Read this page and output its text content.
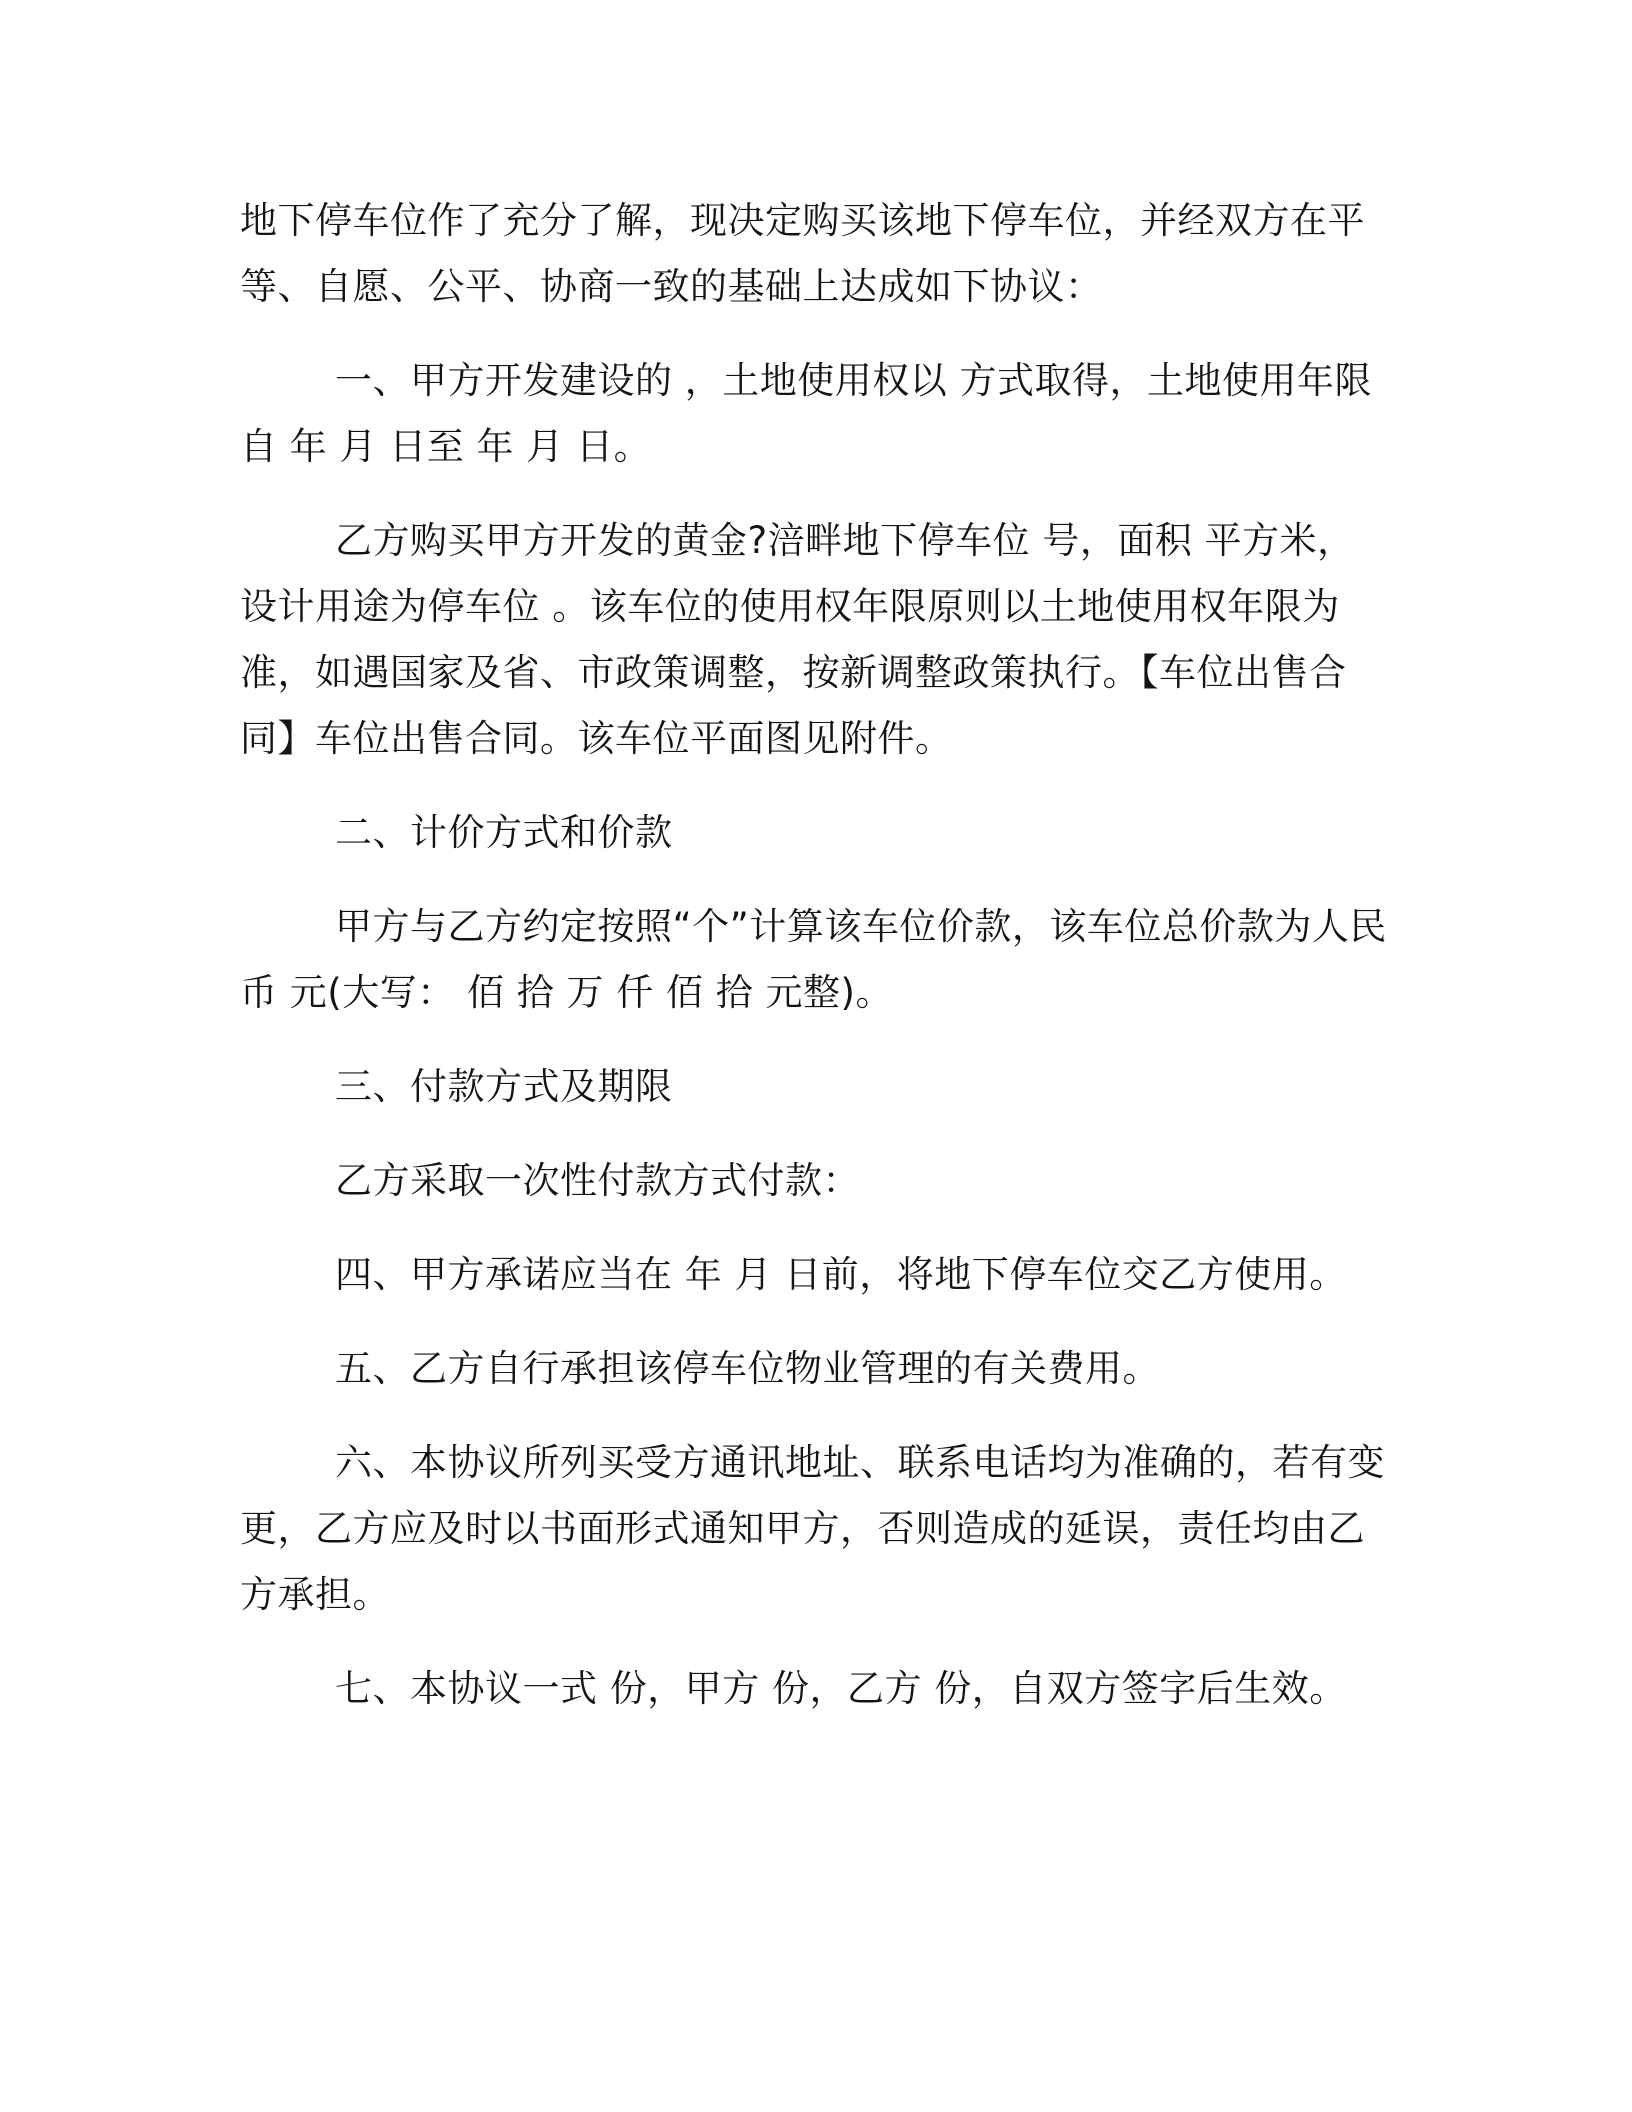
地下停车位作了充分了解，现决定购买该地下停车位，并经双方在平等、自愿、公平、协商一致的基础上达成如下协议：

一、甲方开发建设的 ，土地使用权以 方式取得，土地使用年限自 年 月 日至 年 月 日。

乙方购买甲方开发的黄金?涪畔地下停车位 号，面积 平方米，设计用途为停车位 。该车位的使用权年限原则以土地使用权年限为准，如遇国家及省、市政策调整，按新调整政策执行。【车位出售合同】车位出售合同。该车位平面图见附件。

二、计价方式和价款

甲方与乙方约定按照“个”计算该车位价款，该车位总价款为人民币 元(大写： 佰 拾 万 仟 佰 拾 元整)。

三、付款方式及期限

乙方采取一次性付款方式付款：

四、甲方承诺应当在 年 月 日前，将地下停车位交乙方使用。

五、乙方自行承担该停车位物业管理的有关费用。

六、本协议所列买受方通讯地址、联系电话均为准确的，若有变更，乙方应及时以书面形式通知甲方，否则造成的延误，责任均由乙方承担。

七、本协议一式 份，甲方 份，乙方 份，自双方签字后生效。
